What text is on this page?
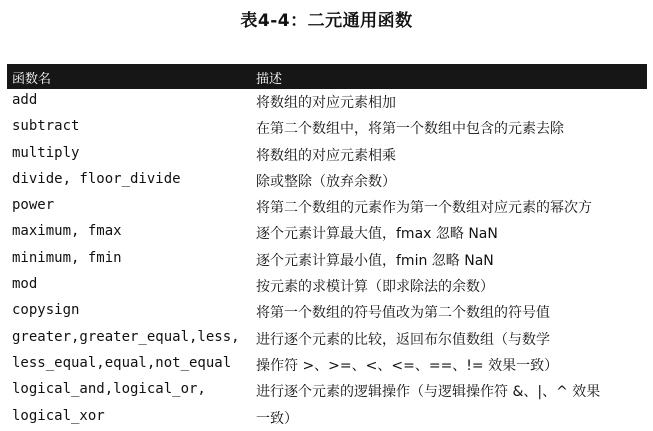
表4-4：二元通用函数
函数名	描述
add	将数组的对应元素相加
subtract	在第二个数组中，将第一个数组中包含的元素去除
multiply	将数组的对应元素相乘
divide, floor_divide	除或整除（放弃余数）
power	将第二个数组的元素作为第一个数组对应元素的幂次方
maximum, fmax	逐个元素计算最大值，fmax 忽略 NaN
minimum, fmin	逐个元素计算最小值，fmin 忽略 NaN
mod	按元素的求模计算（即求除法的余数）
copysign	将第一个数组的符号值改为第二个数组的符号值
greater,greater_equal,less, 进行逐个元素的比较，返回布尔值数组（与数学
less_equal,equal,not_equal 操作符 >、>=、<、<=、==、!= 效果一致）
logical_and,logical_or,	进行逐个元素的逻辑操作（与逻辑操作符 &、|、^ 效果
logical_xor	一致）
